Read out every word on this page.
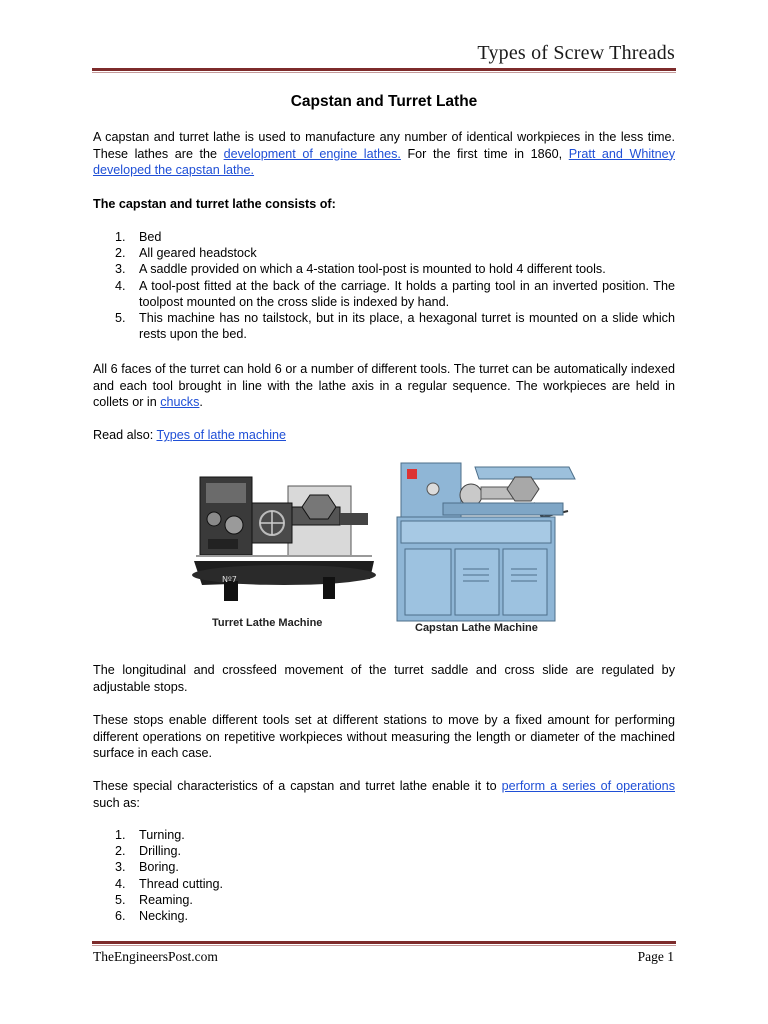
Types of Screw Threads
Capstan and Turret Lathe

A capstan and turret lathe is used to manufacture any number of identical workpieces in the less time. These lathes are the development of engine lathes. For the first time in 1860, Pratt and Whitney developed the capstan lathe.

The capstan and turret lathe consists of:

1. Bed
2. All geared headstock
3. A saddle provided on which a 4-station tool-post is mounted to hold 4 different tools.
4. A tool-post fitted at the back of the carriage. It holds a parting tool in an inverted position. The toolpost mounted on the cross slide is indexed by hand.
5. This machine has no tailstock, but in its place, a hexagonal turret is mounted on a slide which rests upon the bed.

All 6 faces of the turret can hold 6 or a number of different tools. The turret can be automatically indexed and each tool brought in line with the lathe axis in a regular sequence. The workpieces are held in collets or in chucks.

Read also: Types of lathe machine

Nº7
Turret Lathe Machine	Capstan Lathe Machine

The longitudinal and crossfeed movement of the turret saddle and cross slide are regulated by adjustable stops.

These stops enable different tools set at different stations to move by a fixed amount for performing different operations on repetitive workpieces without measuring the length or diameter of the machined surface in each case.

These special characteristics of a capstan and turret lathe enable it to perform a series of operations such as:

1. Turning.
2. Drilling.
3. Boring.
4. Thread cutting.
5. Reaming.
6. Necking.
TheEngineersPost.com	Page 1
